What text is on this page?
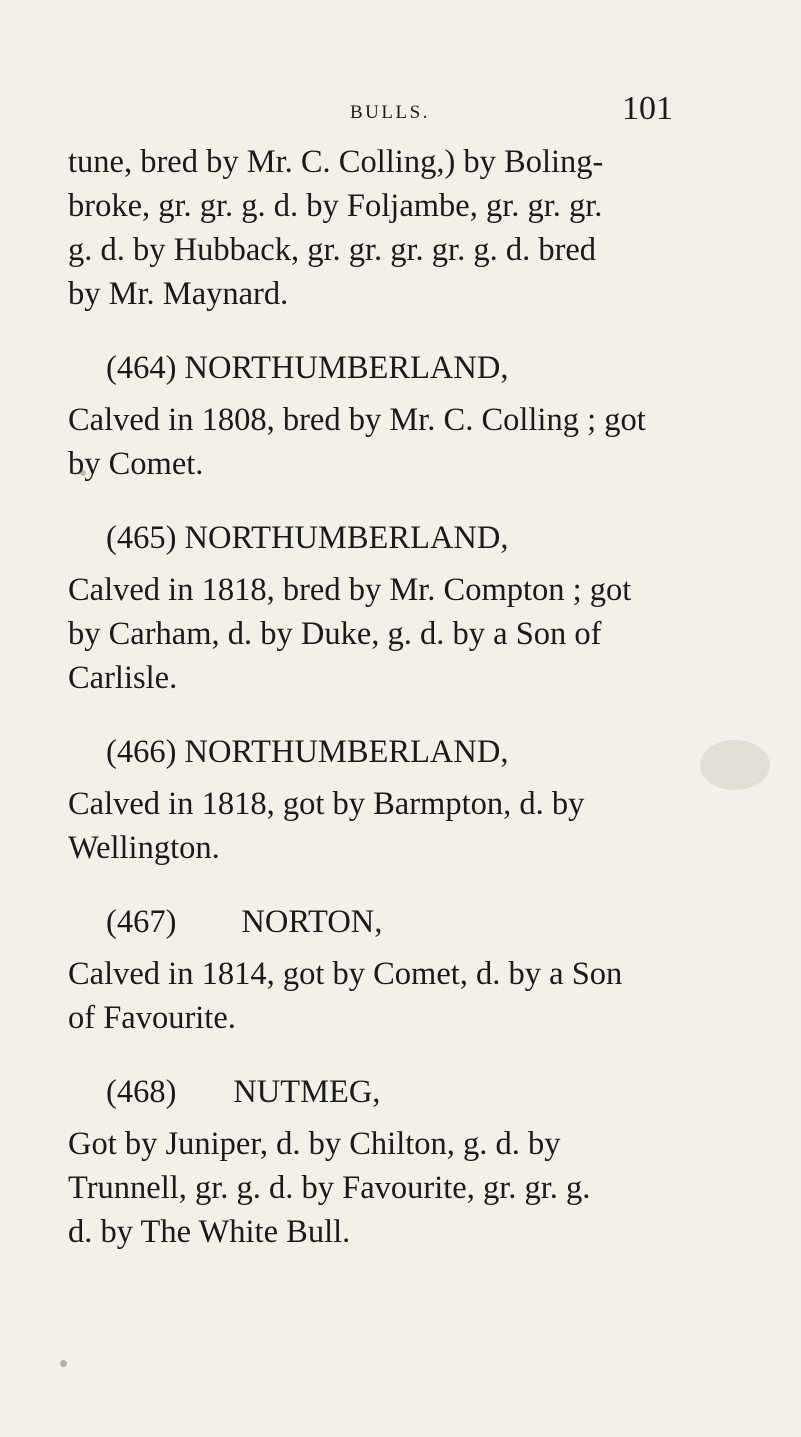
BULLS.	101

tune, bred by Mr. C. Colling,) by Boling-
broke, gr. gr. g. d. by Foljambe, gr. gr. gr.
g. d. by Hubback, gr. gr. gr. gr. g. d. bred
by Mr. Maynard.

(464) NORTHUMBERLAND,

Calved in 1808, bred by Mr. C. Colling ; got
by Comet.

(465) NORTHUMBERLAND,

Calved in 1818, bred by Mr. Compton ; got
by Carham, d. by Duke, g. d. by a Son of
Carlisle.

(466) NORTHUMBERLAND,

Calved in 1818, got by Barmpton, d. by
Wellington.

(467)        NORTON,

Calved in 1814, got by Comet, d. by a Son
of Favourite.

(468)       NUTMEG,

Got by Juniper, d. by Chilton, g. d. by
Trunnell, gr. g. d. by Favourite, gr. gr. g.
d. by The White Bull.
